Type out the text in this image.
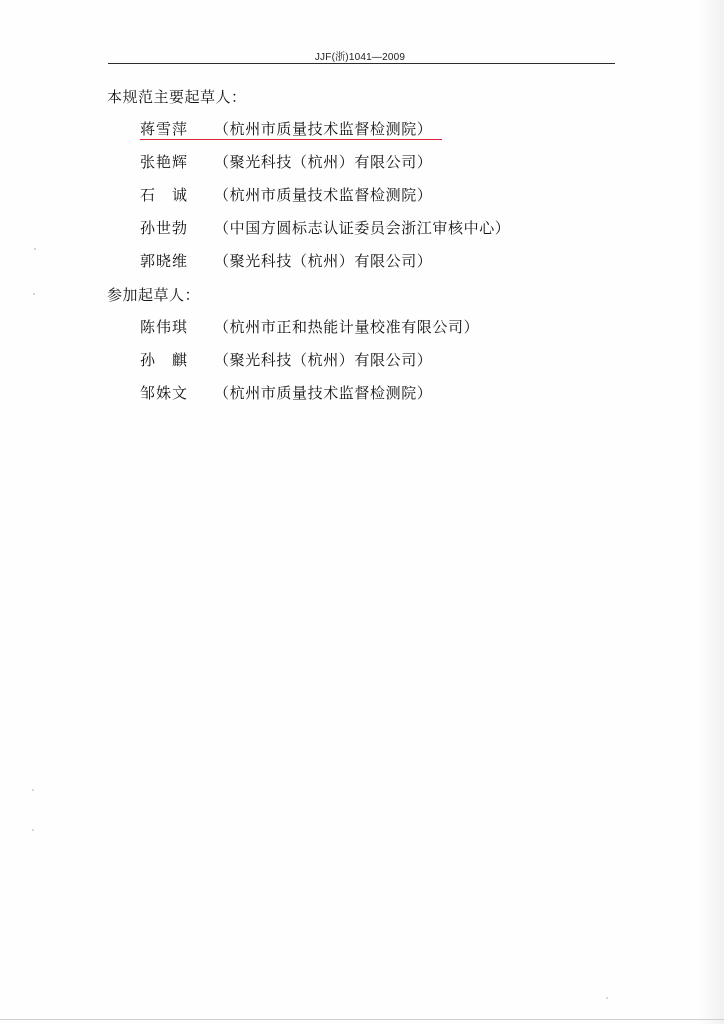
JJF(浙)1041—2009
本规范主要起草人：
蒋雪萍 （杭州市质量技术监督检测院）
张艳辉 （聚光科技（杭州）有限公司）
石　诚 （杭州市质量技术监督检测院）
孙世勃 （中国方圆标志认证委员会浙江审核中心）
郭晓维 （聚光科技（杭州）有限公司）
参加起草人：
陈伟琪 （杭州市正和热能计量校准有限公司）
孙　麒 （聚光科技（杭州）有限公司）
邹姝文 （杭州市质量技术监督检测院）
